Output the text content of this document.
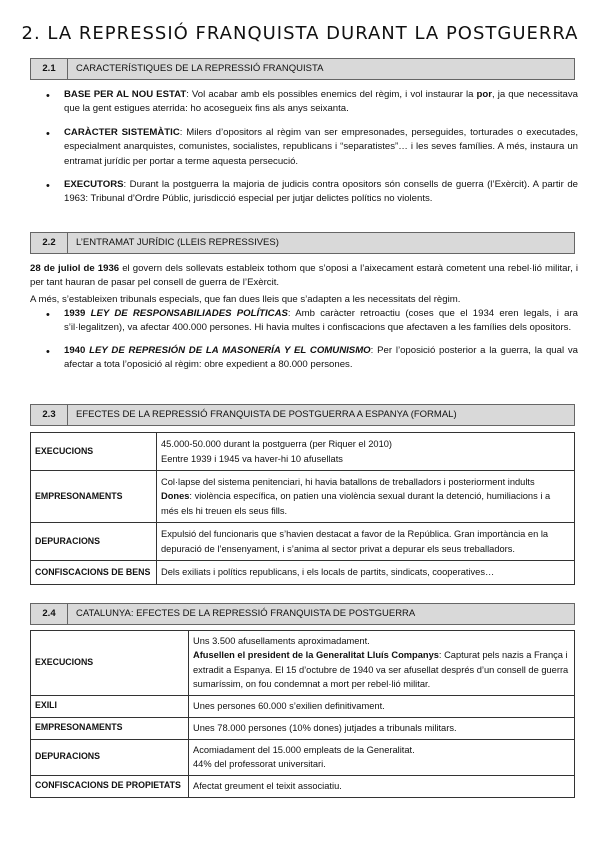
2. LA REPRESSIÓ FRANQUISTA DURANT LA POSTGUERRA
2.1	CARACTERÍSTIQUES DE LA REPRESSIÓ FRANQUISTA
• BASE PER AL NOU ESTAT: Vol acabar amb els possibles enemics del règim, i vol instaurar la por, ja que necessitava que la gent estigues aterrida: ho acosegueix fins als anys seixanta.
• CARÀCTER SISTEMÀTIC: Milers d’opositors al règim van ser empresonades, perseguides, torturades o executades, especialment anarquistes, comunistes, socialistes, republicans i “separatistes”… i les seves famílies. A més, instaura un entramat jurídic per portar a terme aquesta persecució.
• EXECUTORS: Durant la postguerra la majoria de judicis contra opositors són consells de guerra (l’Exèrcit). A partir de 1963: Tribunal d’Ordre Públic, jurisdicció especial per jutjar delictes polítics no violents.
2.2	L’ENTRAMAT JURÍDIC (LLEIS REPRESSIVES)
28 de juliol de 1936 el govern dels sollevats estableix tothom que s’oposi a l’aixecament estarà cometent una rebel·lió militar, i per tant hauran de pasar pel consell de guerra de l’Exèrcit.
A més, s’estableixen tribunals especials, que fan dues lleis que s’adapten a les necessitats del règim.
• 1939 LEY DE RESPONSABILIADES POLÍTICAS: Amb caràcter retroactiu (coses que el 1934 eren legals, i ara s’il·legalitzen), va afectar 400.000 persones. Hi havia multes i confiscacions que afectaven a les famílies dels opositors.
• 1940 LEY DE REPRESIÓN DE LA MASONERÍA Y EL COMUNISMO: Per l’oposició posterior a la guerra, la qual va afectar a tota l’oposició al règim: obre expedient a 80.000 persones.
2.3	EFECTES DE LA REPRESSIÓ FRANQUISTA DE POSTGUERRA A ESPANYA (FORMAL)
EXECUCIONS	45.000-50.000 durant la postguerra (per Riquer el 2010)
Eentre 1939 i 1945 va haver-hi 10 afusellats

EMPRESONAMENTS	Col·lapse del sistema penitenciari, hi havia batallons de treballadors i posteriorment indults
Dones: violència específica, on patien una violència sexual durant la detenció, humiliacions i a més els hi treuen els seus fills.

DEPURACIONS	Expulsió del funcionaris que s’havien destacat a favor de la República. Gran importància en la depuració de l’ensenyament, i s’anima al sector privat a depurar els seus treballadors.
CONFISCACIONS DE BENS	Dels exiliats i polítics republicans, i els locals de partits, sindicats, cooperatives…
2.4	CATALUNYA: EFECTES DE LA REPRESSIÓ FRANQUISTA DE POSTGUERRA
EXECUCIONS	Uns 3.500 afusellaments aproximadament.
Afusellen el president de la Generalitat Lluís Companys: Capturat pels nazis a França i extradit a Espanya. El 15 d’octubre de 1940 va ser afusellat després d’un consell de guerra sumaríssim, on fou condemnat a mort per rebel·lió militar.

EXILI	Unes persones 60.000 s’exilien definitivament.
EMPRESONAMENTS	Unes 78.000 persones (10% dones) jutjades a tribunals militars.
DEPURACIONS	Acomiadament del 15.000 empleats de la Generalitat.
44% del professorat universitari.

CONFISCACIONS DE PROPIETATS	Afectat greument el teixit associatiu.
